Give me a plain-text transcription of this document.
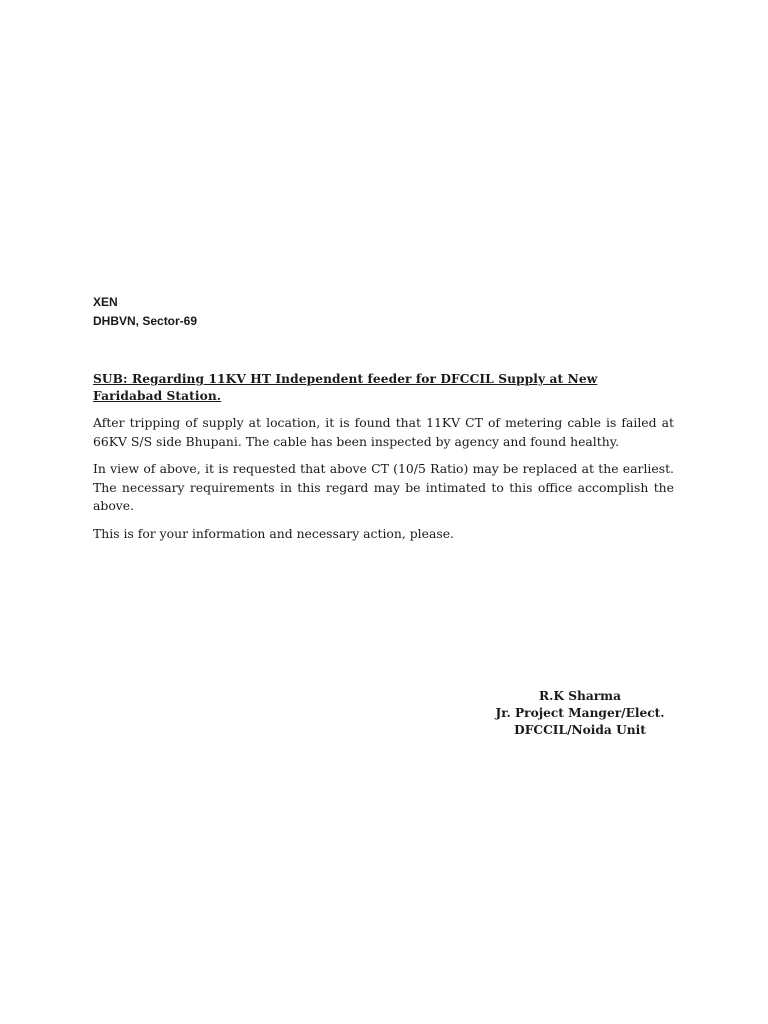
XEN
DHBVN, Sector-69
SUB: Regarding 11KV HT Independent feeder for DFCCIL Supply at New
Faridabad Station.

After tripping of supply at location, it is found that 11KV CT of metering cable is failed at 66KV S/S side Bhupani. The cable has been inspected by agency and found healthy.

In view of above, it is requested that above CT (10/5 Ratio) may be replaced at the earliest. The necessary requirements in this regard may be intimated to this office accomplish the above.

This is for your information and necessary action, please.

R.K Sharma
Jr. Project Manger/Elect.
DFCCIL/Noida Unit
